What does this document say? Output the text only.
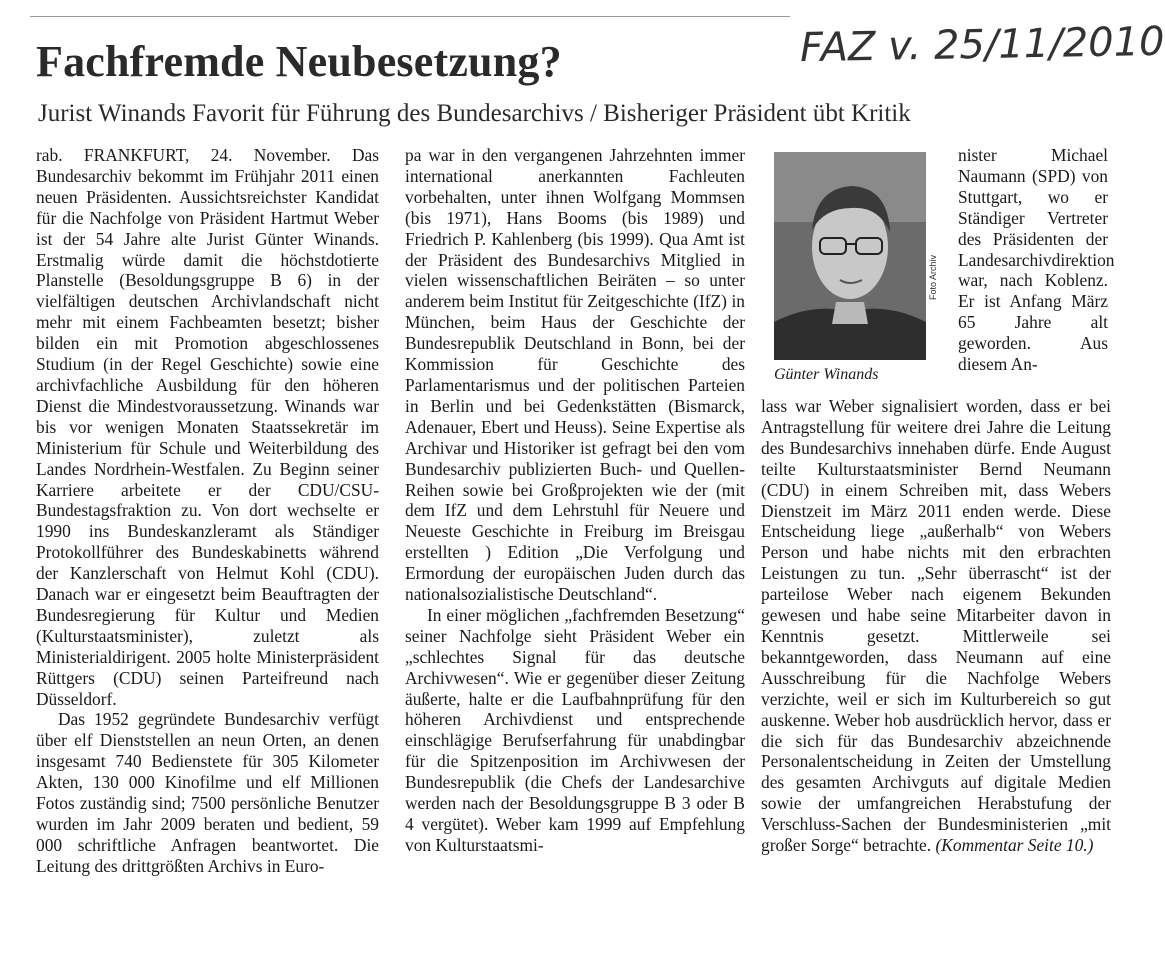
Fachfremde Neubesetzung?	FAZ v. 25/11/2010
Jurist Winands Favorit für Führung des Bundesarchivs / Bisheriger Präsident übt Kritik

rab. FRANKFURT, 24. November. Das Bundesarchiv bekommt im Frühjahr 2011 einen neuen Präsidenten. Aussichtsreichster Kandidat für die Nachfolge von Präsident Hartmut Weber ist der 54 Jahre alte Jurist Günter Winands. Erstmalig würde damit die höchstdotierte Planstelle (Besoldungsgruppe B 6) in der vielfältigen deutschen Archivlandschaft nicht mehr mit einem Fachbeamten besetzt; bisher bilden ein mit Promotion abgeschlossenes Studium (in der Regel Geschichte) sowie eine archivfachliche Ausbildung für den höheren Dienst die Mindestvoraussetzung. Winands war bis vor wenigen Monaten Staatssekretär im Ministerium für Schule und Weiterbildung des Landes Nordrhein-Westfalen. Zu Beginn seiner Karriere arbeitete er der CDU/CSU-Bundestagsfraktion zu. Von dort wechselte er 1990 ins Bundeskanzleramt als Ständiger Protokollführer des Bundeskabinetts während der Kanzlerschaft von Helmut Kohl (CDU). Danach war er eingesetzt beim Beauftragten der Bundesregierung für Kultur und Medien (Kulturstaatsminister), zuletzt als Ministerialdirigent. 2005 holte Ministerpräsident Rüttgers (CDU) seinen Parteifreund nach Düsseldorf.

Das 1952 gegründete Bundesarchiv verfügt über elf Dienststellen an neun Orten, an denen insgesamt 740 Bedienstete für 305 Kilometer Akten, 130 000 Kinofilme und elf Millionen Fotos zuständig sind; 7500 persönliche Benutzer wurden im Jahr 2009 beraten und bedient, 59 000 schriftliche Anfragen beantwortet. Die Leitung des drittgrößten Archivs in Euro-

pa war in den vergangenen Jahrzehnten immer international anerkannten Fachleuten vorbehalten, unter ihnen Wolfgang Mommsen (bis 1971), Hans Booms (bis 1989) und Friedrich P. Kahlenberg (bis 1999). Qua Amt ist der Präsident des Bundesarchivs Mitglied in vielen wissenschaftlichen Beiräten – so unter anderem beim Institut für Zeitgeschichte (IfZ) in München, beim Haus der Geschichte der Bundesrepublik Deutschland in Bonn, bei der Kommission für Geschichte des Parlamentarismus und der politischen Parteien in Berlin und bei Gedenkstätten (Bismarck, Adenauer, Ebert und Heuss). Seine Expertise als Archivar und Historiker ist gefragt bei den vom Bundesarchiv publizierten Buch- und Quellen-Reihen sowie bei Großprojekten wie der (mit dem IfZ und dem Lehrstuhl für Neuere und Neueste Geschichte in Freiburg im Breisgau erstellten ) Edition „Die Verfolgung und Ermordung der europäischen Juden durch das nationalsozialistische Deutschland“.

In einer möglichen „fachfremden Besetzung“ seiner Nachfolge sieht Präsident Weber ein „schlechtes Signal für das deutsche Archivwesen“. Wie er gegenüber dieser Zeitung äußerte, halte er die Laufbahnprüfung für den höheren Archivdienst und entsprechende einschlägige Berufserfahrung für unabdingbar für die Spitzenposition im Archivwesen der Bundesrepublik (die Chefs der Landesarchive werden nach der Besoldungsgruppe B 3 oder B 4 vergütet). Weber kam 1999 auf Empfehlung von Kulturstaatsmi-

Foto Archiv
Günter Winands

nister Michael Naumann (SPD) von Stuttgart, wo er Ständiger Vertreter des Präsidenten der Landesarchivdirektion war, nach Koblenz. Er ist Anfang März 65 Jahre alt geworden. Aus diesem An-

lass war Weber signalisiert worden, dass er bei Antragstellung für weitere drei Jahre die Leitung des Bundesarchivs innehaben dürfe. Ende August teilte Kulturstaatsminister Bernd Neumann (CDU) in einem Schreiben mit, dass Webers Dienstzeit im März 2011 enden werde. Diese Entscheidung liege „außerhalb“ von Webers Person und habe nichts mit den erbrachten Leistungen zu tun. „Sehr überrascht“ ist der parteilose Weber nach eigenem Bekunden gewesen und habe seine Mitarbeiter davon in Kenntnis gesetzt. Mittlerweile sei bekanntgeworden, dass Neumann auf eine Ausschreibung für die Nachfolge Webers verzichte, weil er sich im Kulturbereich so gut auskenne. Weber hob ausdrücklich hervor, dass er die sich für das Bundesarchiv abzeichnende Personalentscheidung in Zeiten der Umstellung des gesamten Archivguts auf digitale Medien sowie der umfangreichen Herabstufung der Verschluss-Sachen der Bundesministerien „mit großer Sorge“ betrachte. (Kommentar Seite 10.)
